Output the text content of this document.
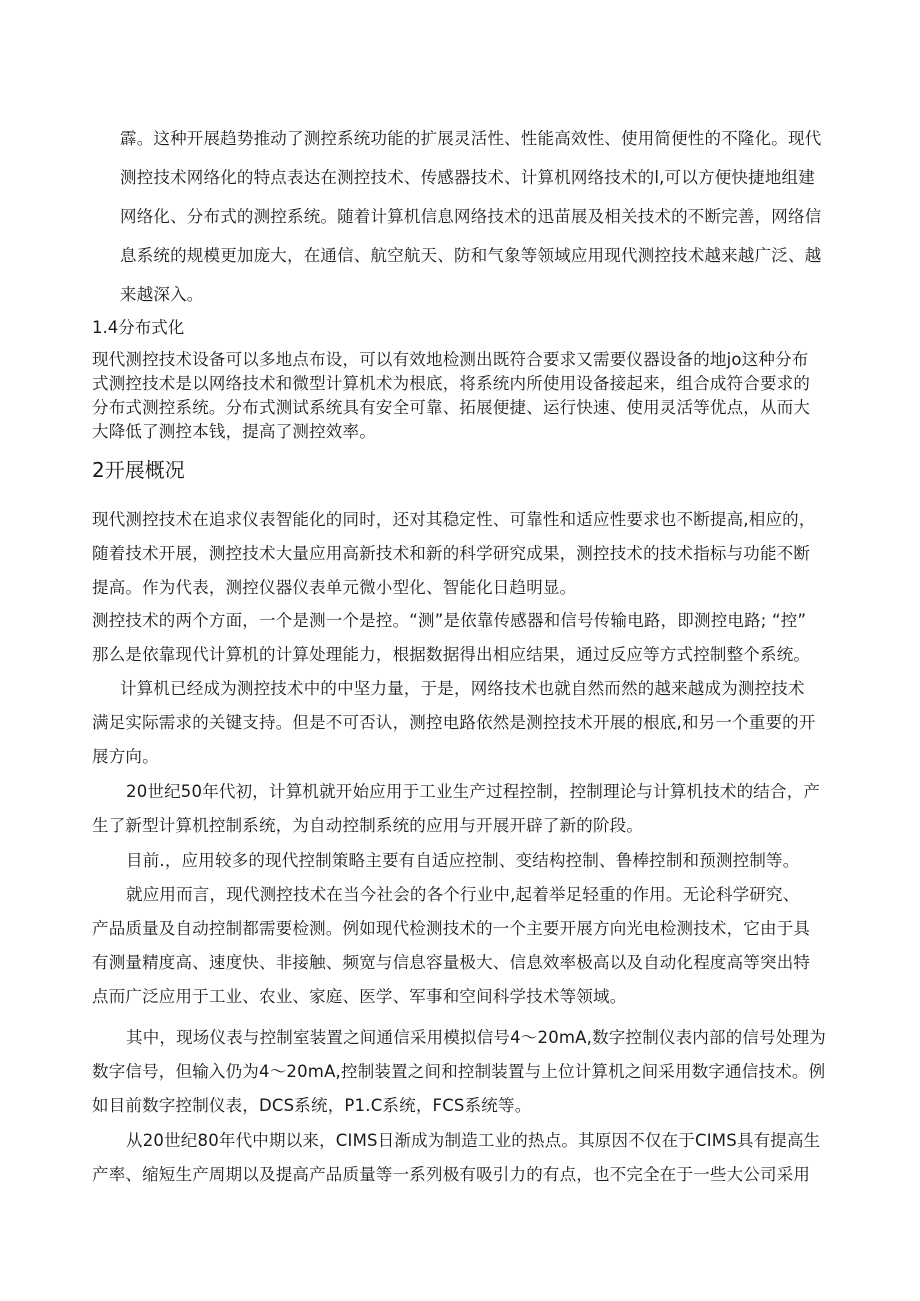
霹。这种开展趋势推动了测控系统功能的扩展灵活性、性能高效性、使用简便性的不隆化。现代
测控技术网络化的特点表达在测控技术、传感器技术、计算机网络技术的l,可以方便快捷地组建
网络化、分布式的测控系统。随着计算机信息网络技术的迅苗展及相关技术的不断完善，网络信
息系统的规模更加庞大，在通信、航空航天、防和气象等领域应用现代测控技术越来越广泛、越
来越深入。
1.4分布式化
现代测控技术设备可以多地点布设，可以有效地检测出既符合要求又需要仪器设备的地jo这种分布
式测控技术是以网络技术和微型计算机术为根底，将系统内所使用设备接起来，组合成符合要求的
分布式测控系统。分布式测试系统具有安全可靠、拓展便捷、运行快速、使用灵活等优点，从而大
大降低了测控本钱，提高了测控效率。
2开展概况
现代测控技术在追求仪表智能化的同时，还对其稳定性、可靠性和适应性要求也不断提高,相应的，
随着技术开展，测控技术大量应用高新技术和新的科学研究成果，测控技术的技术指标与功能不断
提高。作为代表，测控仪器仪表单元微小型化、智能化日趋明显。
测控技术的两个方面，一个是测一个是控。“测”是依靠传感器和信号传输电路，即测控电路; “控”
那么是依靠现代计算机的计算处理能力，根据数据得出相应结果，通过反应等方式控制整个系统。
计算机已经成为测控技术中的中坚力量，于是，网络技术也就自然而然的越来越成为测控技术
满足实际需求的关键支持。但是不可否认，测控电路依然是测控技术开展的根底,和另一个重要的开
展方向。
20世纪50年代初，计算机就开始应用于工业生产过程控制，控制理论与计算机技术的结合，产
生了新型计算机控制系统，为自动控制系统的应用与开展开辟了新的阶段。
目前.，应用较多的现代控制策略主要有自适应控制、变结构控制、鲁棒控制和预测控制等。
就应用而言，现代测控技术在当今社会的各个行业中,起着举足轻重的作用。无论科学研究、
产品质量及自动控制都需要检测。例如现代检测技术的一个主要开展方向光电检测技术，它由于具
有测量精度高、速度快、非接触、频宽与信息容量极大、信息效率极高以及自动化程度高等突出特
点而广泛应用于工业、农业、家庭、医学、军事和空间科学技术等领域。
其中，现场仪表与控制室装置之间通信采用模拟信号4〜20mA,数字控制仪表内部的信号处理为
数字信号，但输入仍为4〜20mA,控制装置之间和控制装置与上位计算机之间采用数字通信技术。例
如目前数字控制仪表，DCS系统，P1.C系统，FCS系统等。
从20世纪80年代中期以来，CIMS日渐成为制造工业的热点。其原因不仅在于CIMS具有提高生
产率、缩短生产周期以及提高产品质量等一系列极有吸引力的有点，也不完全在于一些大公司采用
